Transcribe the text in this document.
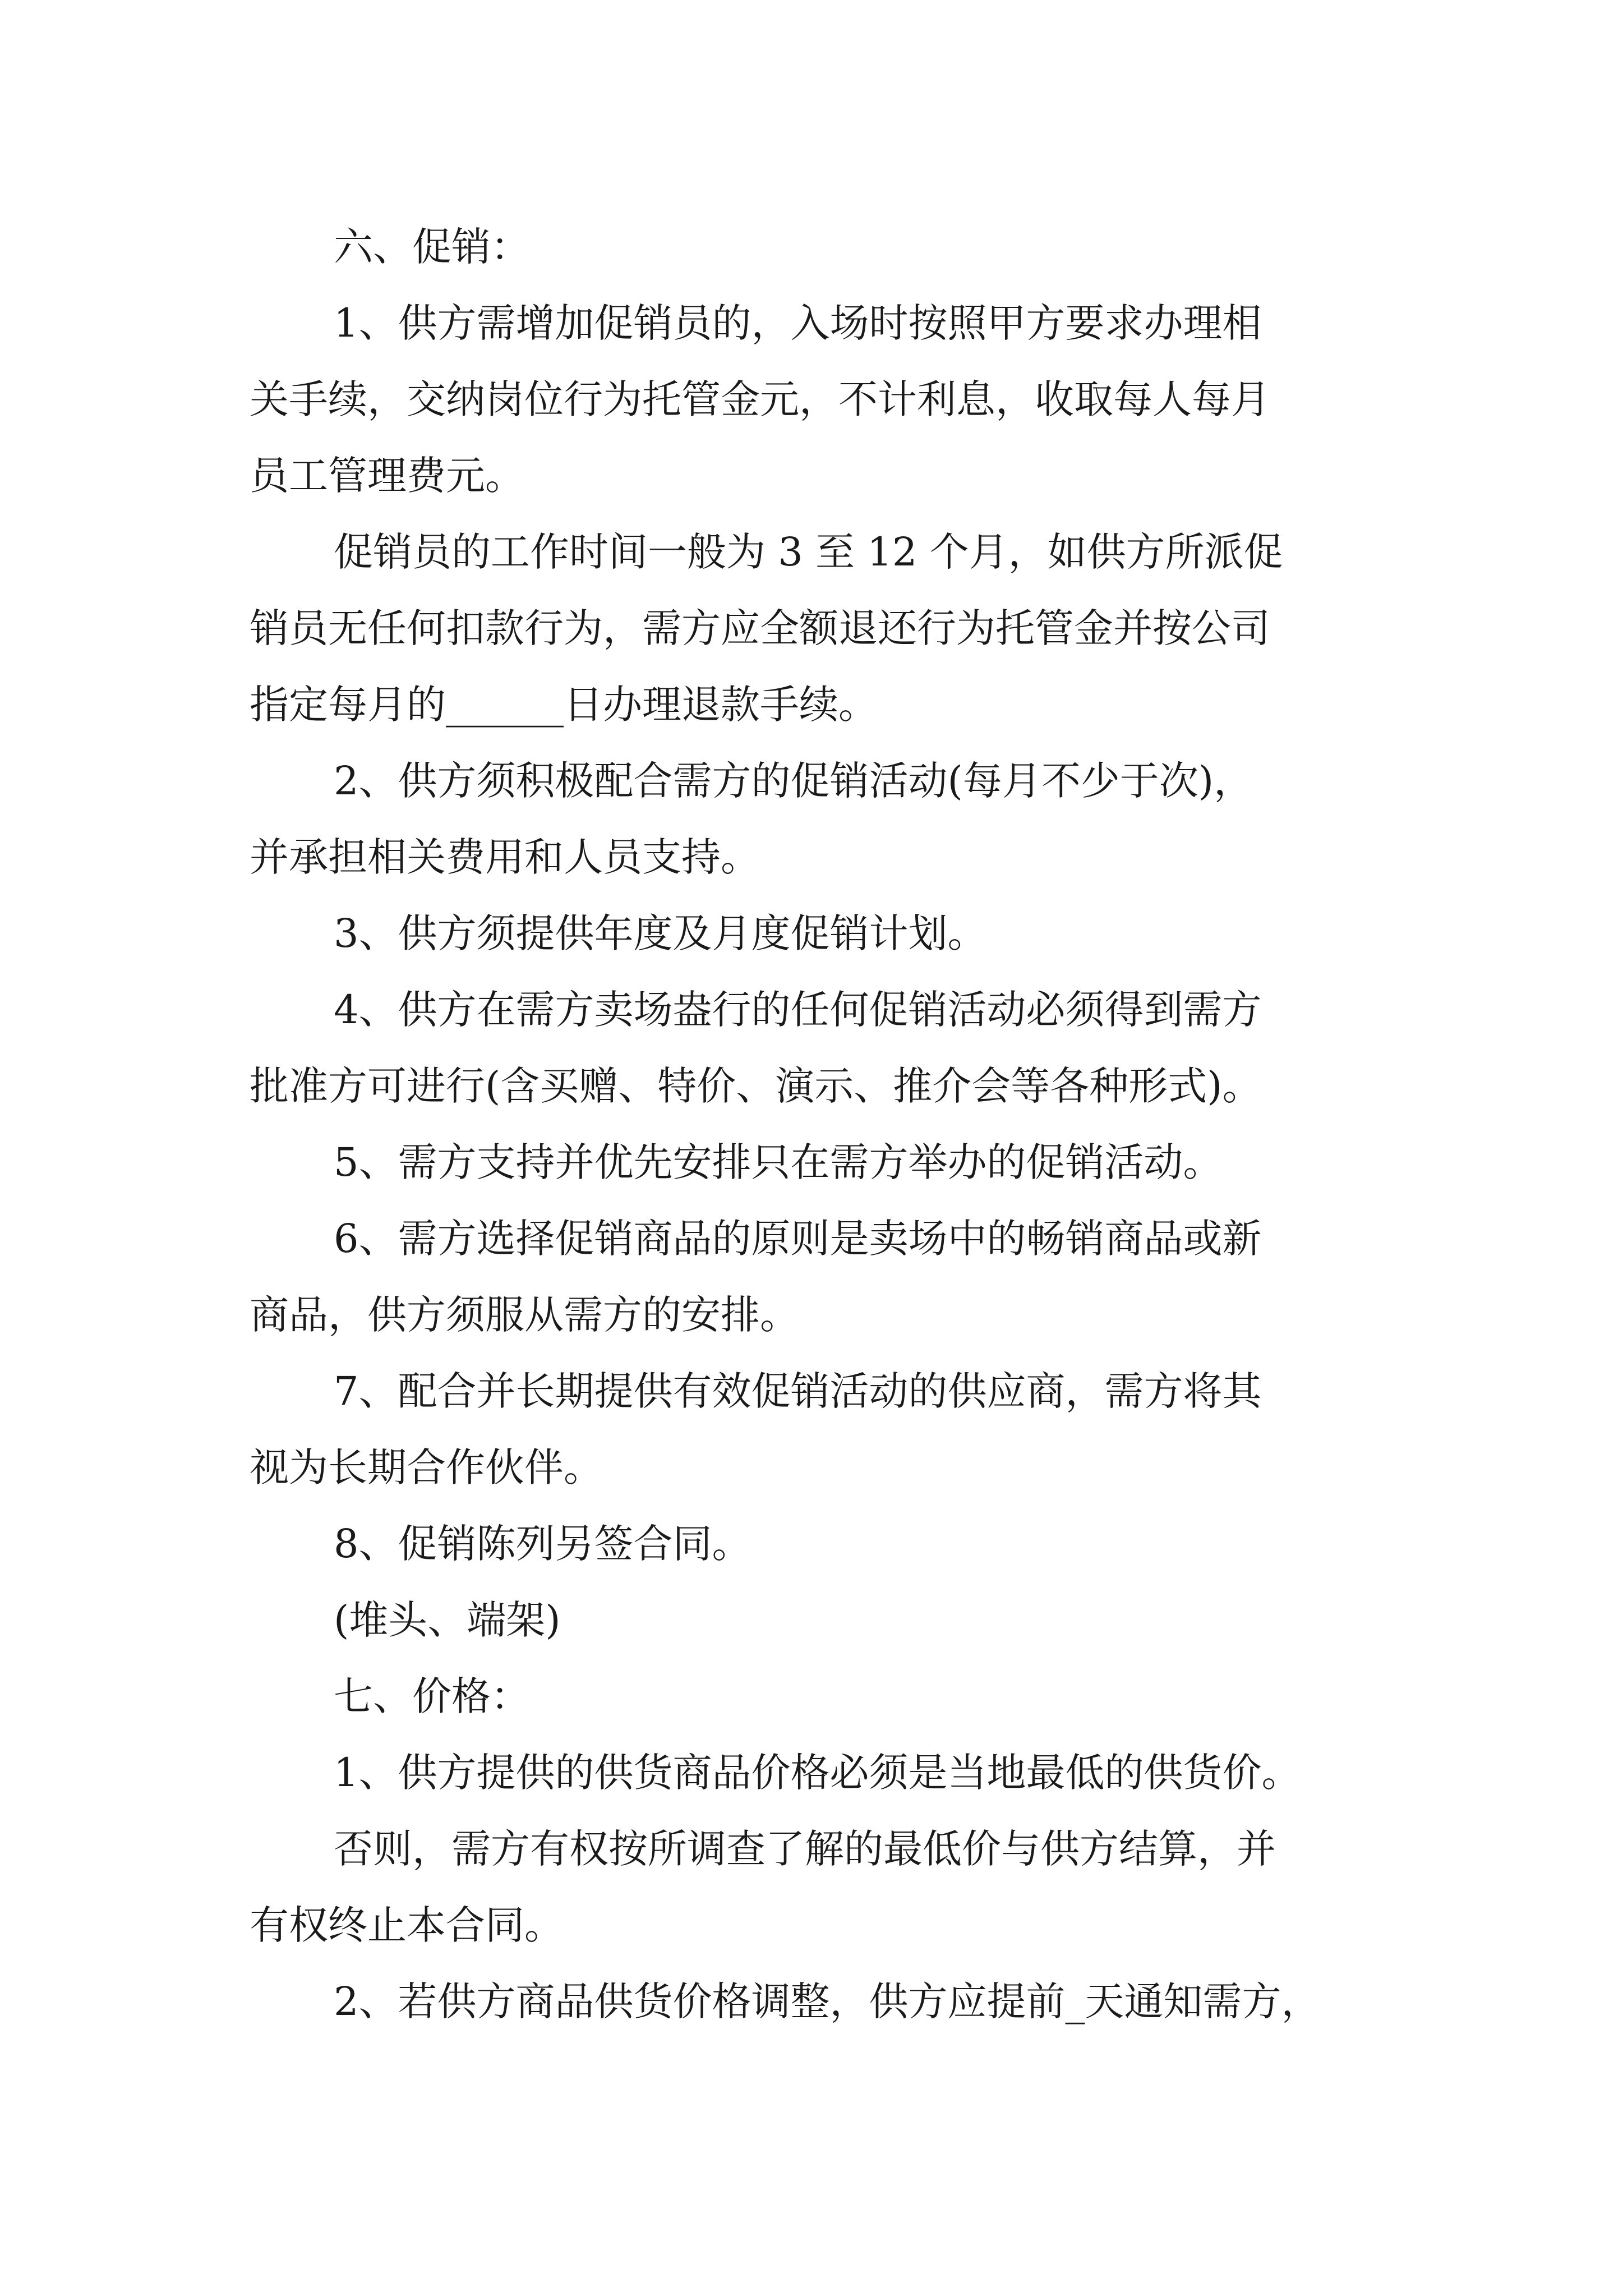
六、促销：
1、供方需增加促销员的，入场时按照甲方要求办理相
关手续，交纳岗位行为托管金元，不计利息，收取每人每月
员工管理费元。
促销员的工作时间一般为 3 至 12 个月，如供方所派促
销员无任何扣款行为，需方应全额退还行为托管金并按公司
指定每月的______日办理退款手续。
2、供方须积极配合需方的促销活动(每月不少于次)，
并承担相关费用和人员支持。
3、供方须提供年度及月度促销计划。
4、供方在需方卖场盎行的任何促销活动必须得到需方
批准方可进行(含买赠、特价、演示、推介会等各种形式)。
5、需方支持并优先安排只在需方举办的促销活动。
6、需方选择促销商品的原则是卖场中的畅销商品或新
商品，供方须服从需方的安排。
7、配合并长期提供有效促销活动的供应商，需方将其
视为长期合作伙伴。
8、促销陈列另签合同。
(堆头、端架)
七、价格：
1、供方提供的供货商品价格必须是当地最低的供货价。
否则，需方有权按所调查了解的最低价与供方结算，并
有权终止本合同。
2、若供方商品供货价格调整，供方应提前_天通知需方，
